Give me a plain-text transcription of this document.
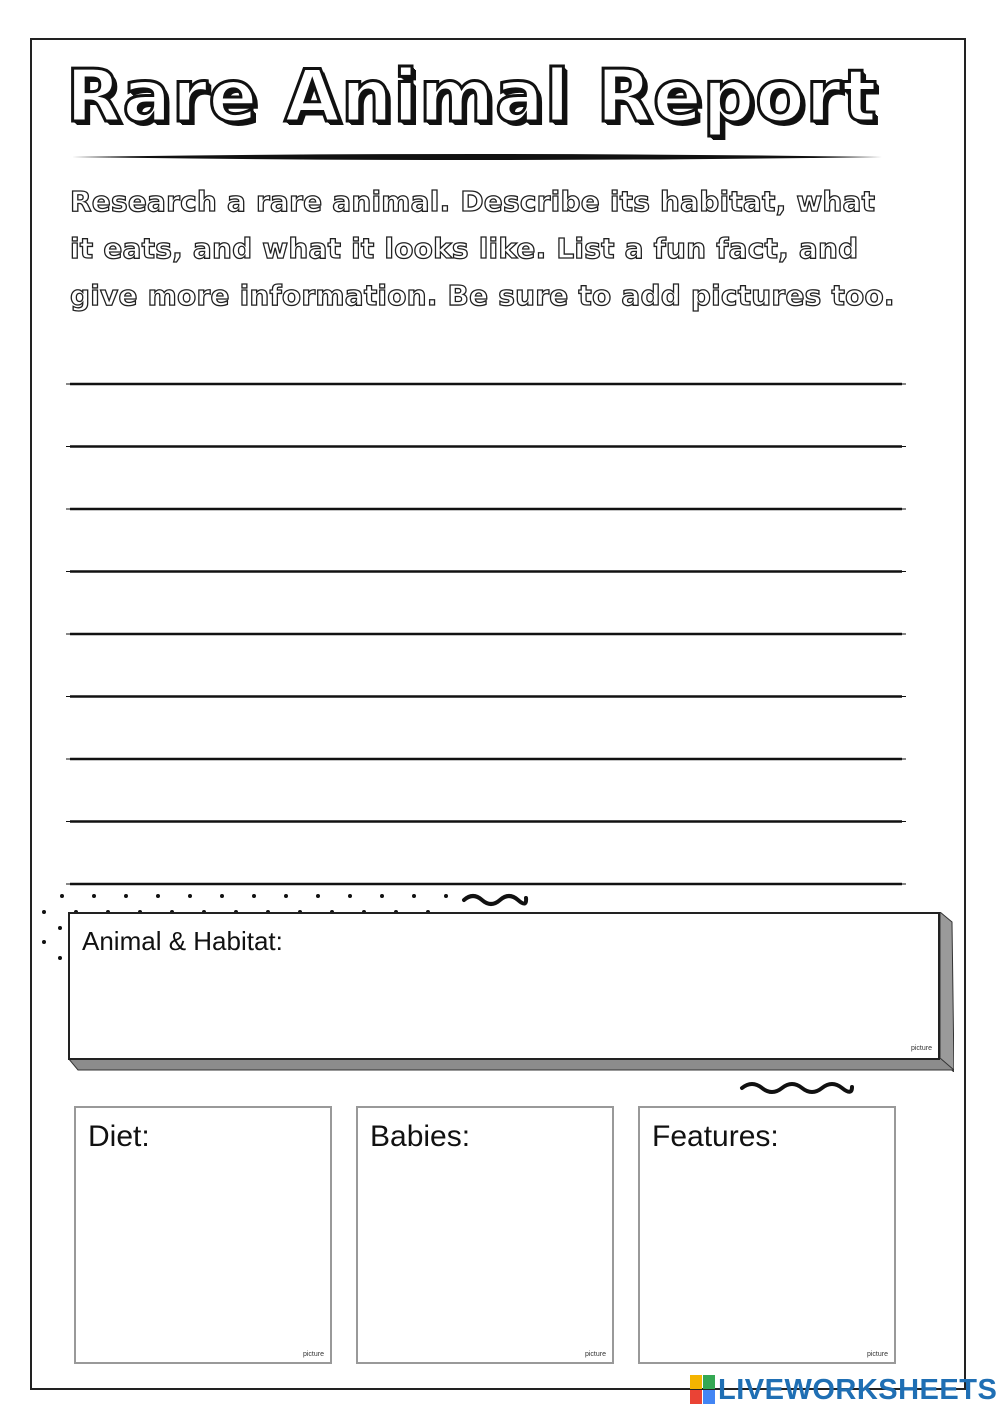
Rare Animal Report

Research a rare animal. Describe its habitat, what it eats, and what it looks like. List a fun fact, and give more information. Be sure to add pictures too.

Animal & Habitat:
picture
Diet:
picture
Babies:
picture
Features:
picture
LIVEWORKSHEETS
